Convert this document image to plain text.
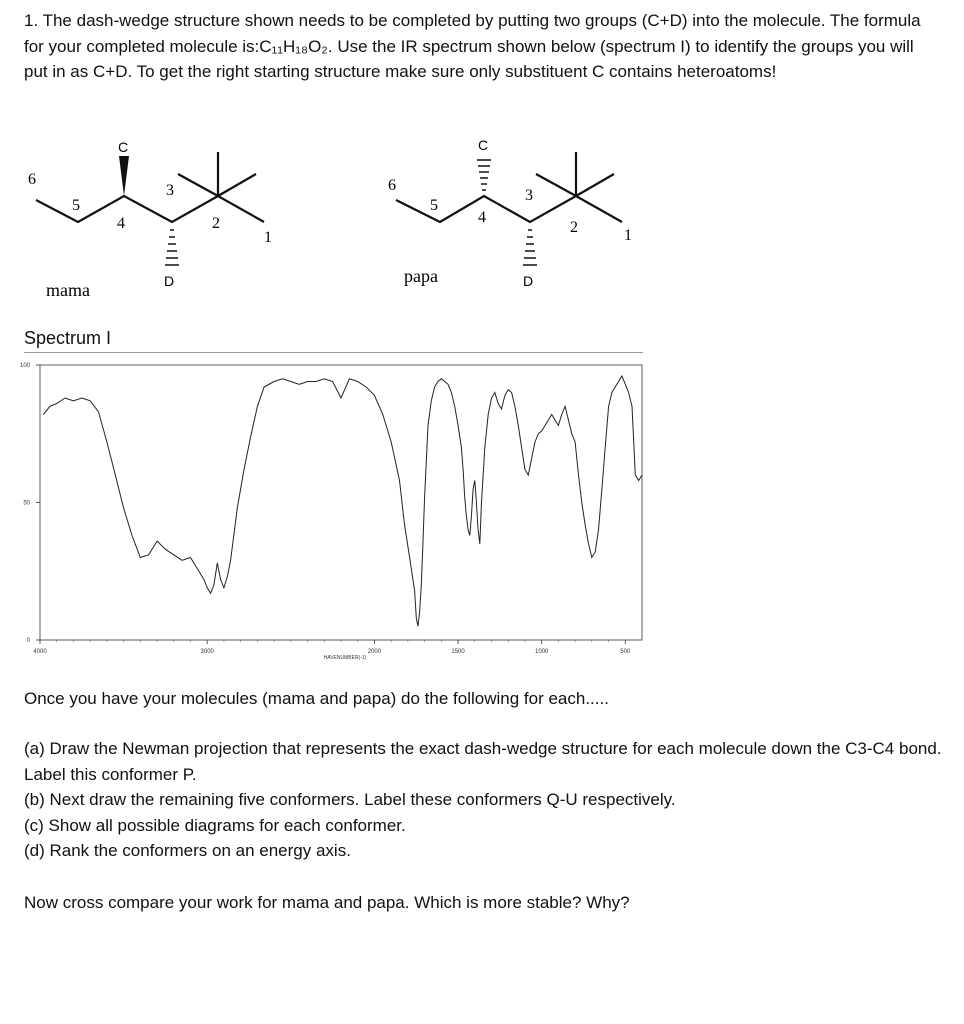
1. The dash-wedge structure shown needs to be completed by putting two groups (C+D) into the molecule. The formula for your completed molecule is:C₁₁H₁₈O₂. Use the IR spectrum shown below (spectrum I) to identify the groups you will put in as C+D. To get the right starting structure make sure only substituent C contains heteroatoms!

C
D
6
5
4
3
2
1
mama
C
D
6
5
4
3
2	1
papa

Spectrum I

4000	3000	2000	1500	1000	500
100
50
0
HAVENUMBER(-1)

Once you have your molecules (mama and papa) do the following for each.....

(a) Draw the Newman projection that represents the exact dash-wedge structure for each molecule down the C3-C4 bond. Label this conformer P.
(b) Next draw the remaining five conformers. Label these conformers Q-U respectively.
(c) Show all possible diagrams for each conformer.
(d) Rank the conformers on an energy axis.

Now cross compare your work for mama and papa. Which is more stable? Why?
